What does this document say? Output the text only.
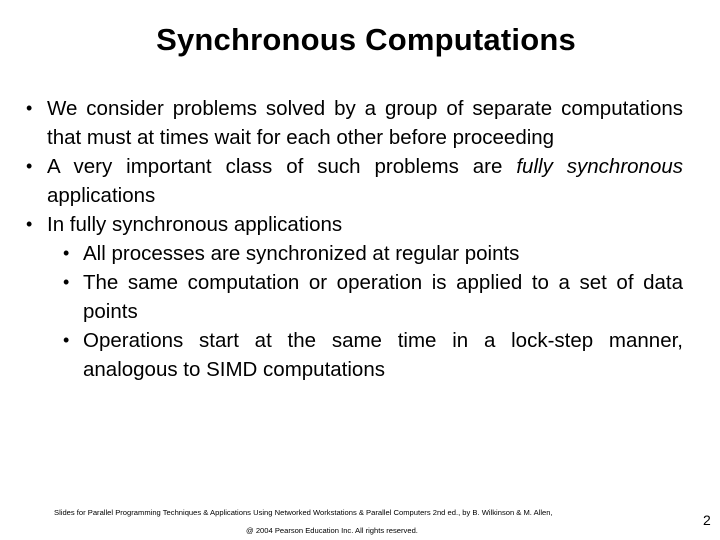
Synchronous Computations
• We consider problems solved by a group of separate computations that must at times wait for each other before proceeding
• A very important class of such problems are fully synchronous applications
• In fully synchronous applications
• All processes are synchronized at regular points
• The same computation or operation is applied to a set of data points
• Operations start at the same time in a lock-step manner, analogous to SIMD computations
Slides for Parallel Programming Techniques & Applications Using Networked Workstations & Parallel Computers 2nd ed., by B. Wilkinson & M. Allen,
@ 2004 Pearson Education Inc. All rights reserved.
2
